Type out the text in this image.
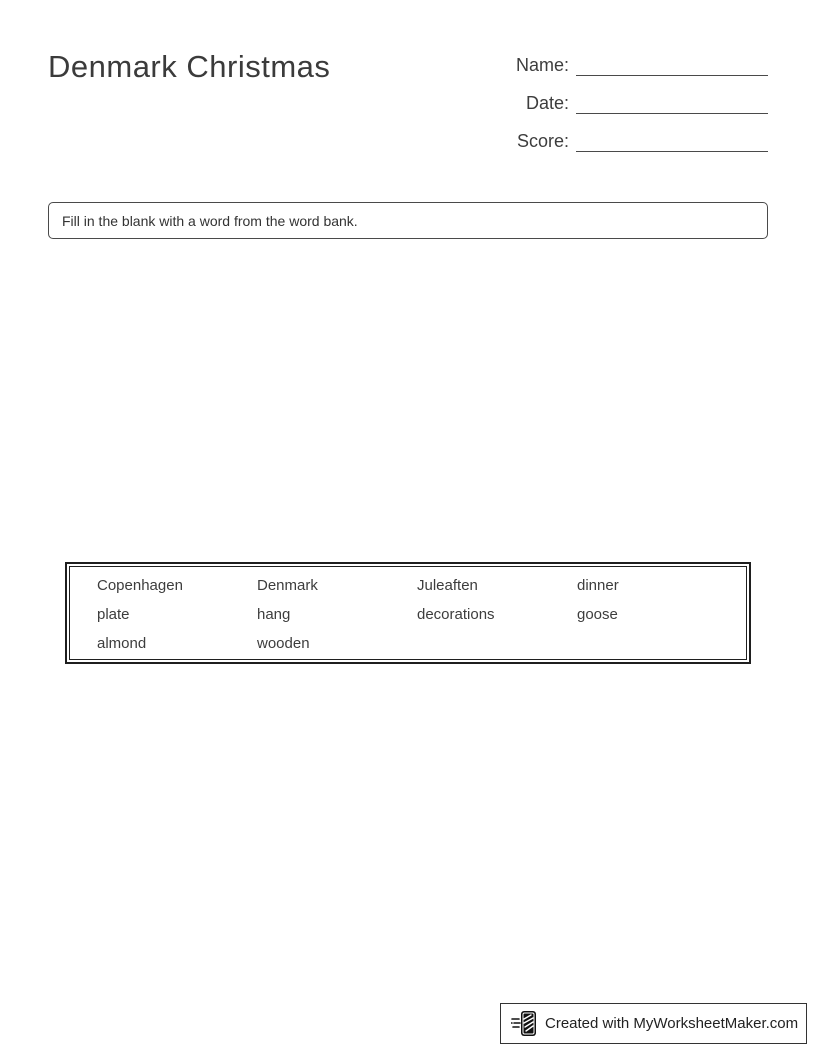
Denmark Christmas	Name:
Date:
Score:
Fill in the blank with a word from the word bank.
Copenhagen	Denmark	Juleaften	dinner
plate	hang	decorations	goose
almond	wooden
Created with MyWorksheetMaker.com
